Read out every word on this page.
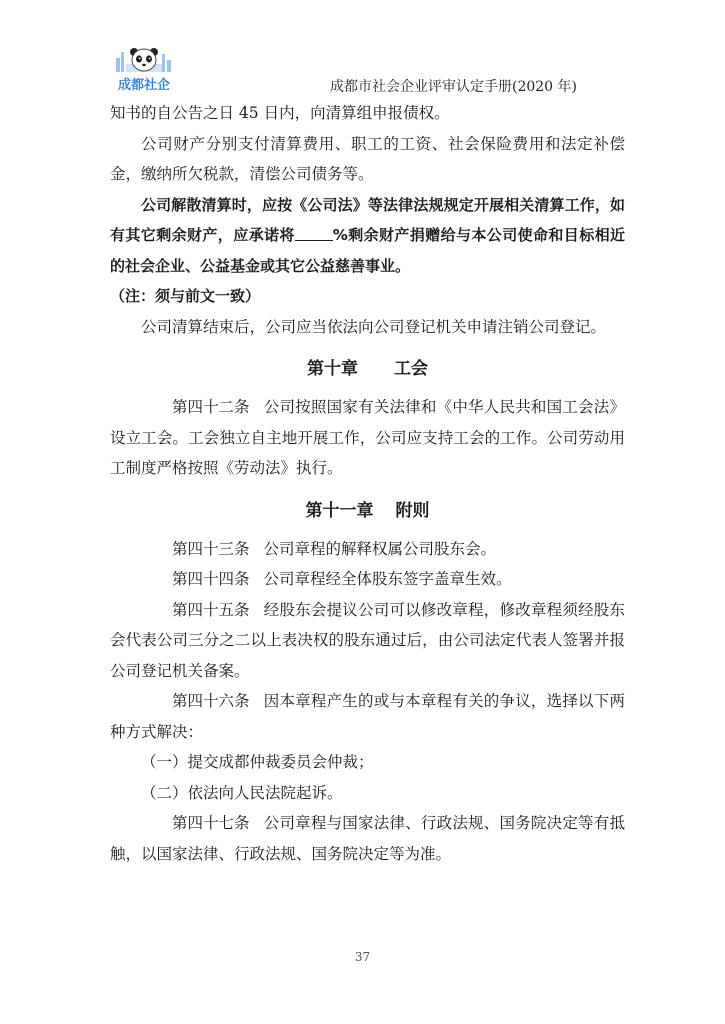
成都社企	成都市社会企业评审认定手册(2020 年)

知书的自公告之日 45 日内，向清算组申报债权。

公司财产分别支付清算费用、职工的工资、社会保险费用和法定补偿金，缴纳所欠税款，清偿公司债务等。

公司解散清算时，应按《公司法》等法律法规规定开展相关清算工作，如有其它剩余财产，应承诺将	%剩余财产捐赠给与本公司使命和目标相近的社会企业、公益基金或其它公益慈善事业。

（注：须与前文一致）

公司清算结束后，公司应当依法向公司登记机关申请注销公司登记。

第十章 工会

第四十二条 公司按照国家有关法律和《中华人民共和国工会法》设立工会。工会独立自主地开展工作，公司应支持工会的工作。公司劳动用工制度严格按照《劳动法》执行。

第十一章 附则

第四十三条 公司章程的解释权属公司股东会。

第四十四条 公司章程经全体股东签字盖章生效。

第四十五条 经股东会提议公司可以修改章程，修改章程须经股东会代表公司三分之二以上表决权的股东通过后，由公司法定代表人签署并报公司登记机关备案。

第四十六条 因本章程产生的或与本章程有关的争议，选择以下两种方式解决：

（一）提交成都仲裁委员会仲裁；

（二）依法向人民法院起诉。

第四十七条 公司章程与国家法律、行政法规、国务院决定等有抵触，以国家法律、行政法规、国务院决定等为准。

37
